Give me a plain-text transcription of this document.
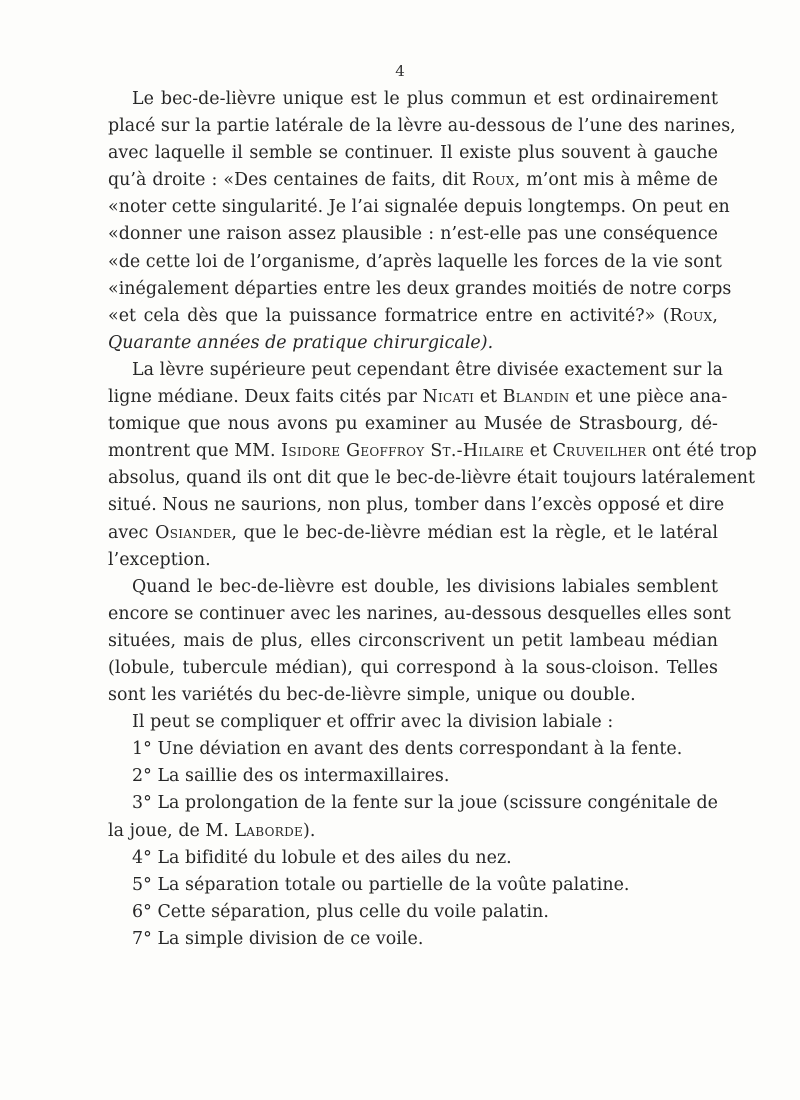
4
Le bec-de-lièvre unique est le plus commun et est ordinairement
placé sur la partie latérale de la lèvre au-dessous de l’une des narines,
avec laquelle il semble se continuer. Il existe plus souvent à gauche
qu’à droite : «Des centaines de faits, dit Roux, m’ont mis à même de
«noter cette singularité. Je l’ai signalée depuis longtemps. On peut en
«donner une raison assez plausible : n’est-elle pas une conséquence
«de cette loi de l’organisme, d’après laquelle les forces de la vie sont
«inégalement départies entre les deux grandes moitiés de notre corps
«et cela dès que la puissance formatrice entre en activité?» (Roux,
Quarante années de pratique chirurgicale).
La lèvre supérieure peut cependant être divisée exactement sur la
ligne médiane. Deux faits cités par Nicati et Blandin et une pièce ana-
tomique que nous avons pu examiner au Musée de Strasbourg, dé-
montrent que MM. Isidore Geoffroy St.-Hilaire et Cruveilher ont été trop
absolus, quand ils ont dit que le bec-de-lièvre était toujours latéralement
situé. Nous ne saurions, non plus, tomber dans l’excès opposé et dire
avec Osiander, que le bec-de-lièvre médian est la règle, et le latéral
l’exception.
Quand le bec-de-lièvre est double, les divisions labiales semblent
encore se continuer avec les narines, au-dessous desquelles elles sont
situées, mais de plus, elles circonscrivent un petit lambeau médian
(lobule, tubercule médian), qui correspond à la sous-cloison. Telles
sont les variétés du bec-de-lièvre simple, unique ou double.
Il peut se compliquer et offrir avec la division labiale :
1° Une déviation en avant des dents correspondant à la fente.
2° La saillie des os intermaxillaires.
3° La prolongation de la fente sur la joue (scissure congénitale de
la joue, de M. Laborde).
4° La bifidité du lobule et des ailes du nez.
5° La séparation totale ou partielle de la voûte palatine.
6° Cette séparation, plus celle du voile palatin.
7° La simple division de ce voile.
